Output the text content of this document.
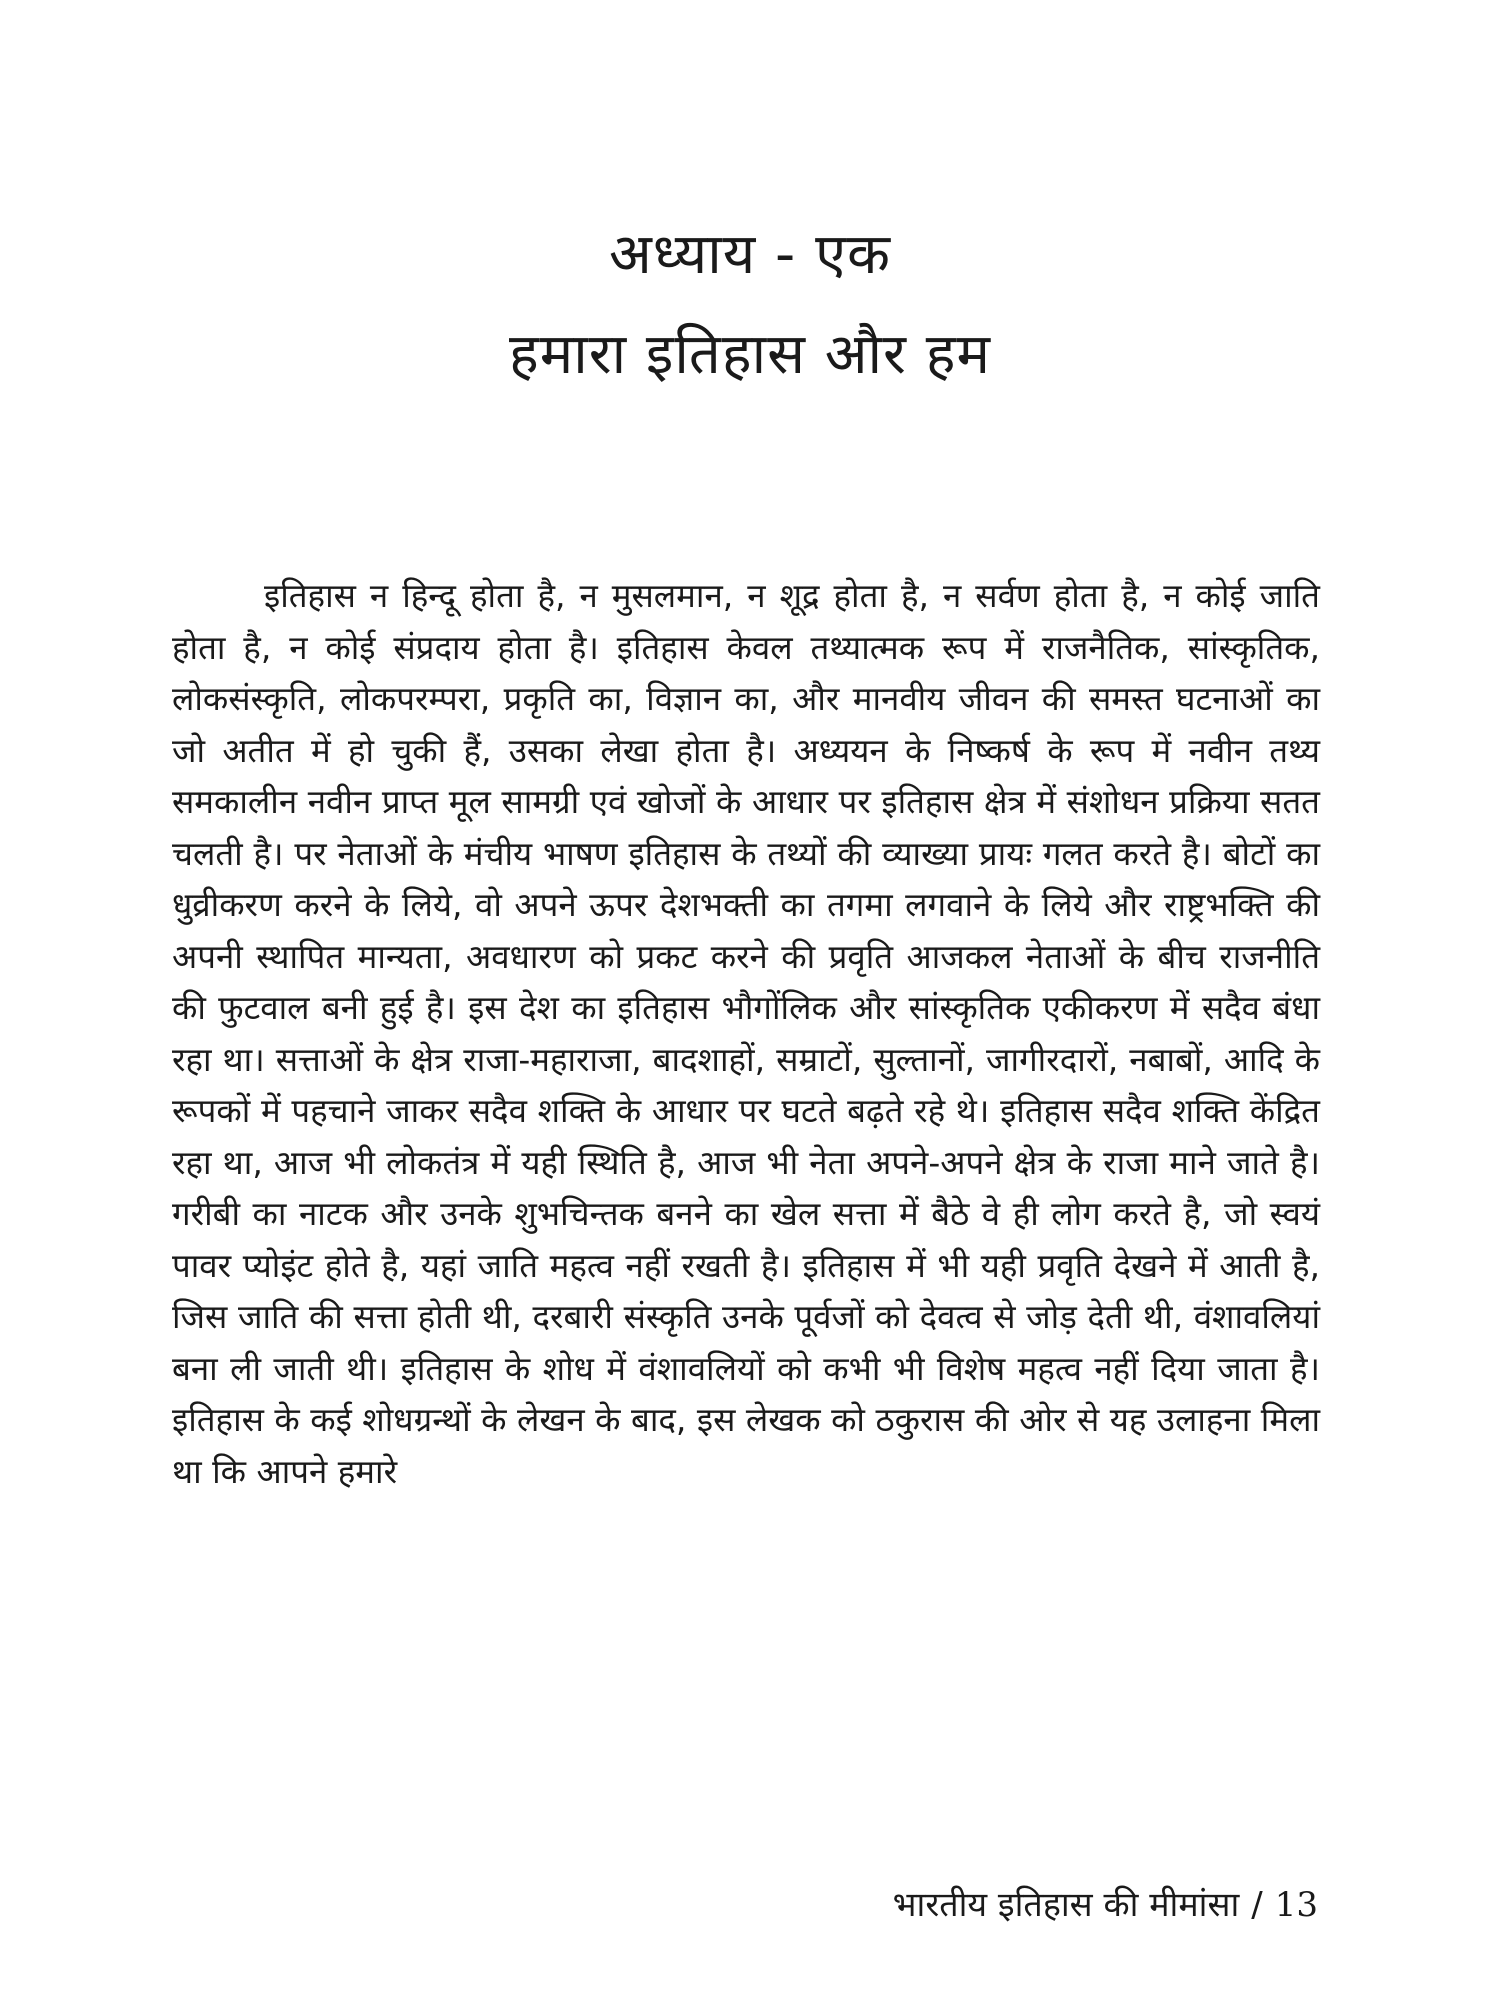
अध्याय - एक
हमारा इतिहास और हम

इतिहास न हिन्दू होता है, न मुसलमान, न शूद्र होता है, न सर्वण होता है, न कोई जाति होता है, न कोई संप्रदाय होता है। इतिहास केवल तथ्यात्मक रूप में राजनैतिक, सांस्कृतिक, लोकसंस्कृति, लोकपरम्परा, प्रकृति का, विज्ञान का, और मानवीय जीवन की समस्त घटनाओं का जो अतीत में हो चुकी हैं, उसका लेखा होता है। अध्ययन के निष्कर्ष के रूप में नवीन तथ्य समकालीन नवीन प्राप्त मूल सामग्री एवं खोजों के आधार पर इतिहास क्षेत्र में संशोधन प्रक्रिया सतत चलती है। पर नेताओं के मंचीय भाषण इतिहास के तथ्यों की व्याख्या प्रायः गलत करते है। बोटों का धुव्रीकरण करने के लिये, वो अपने ऊपर देशभक्ती का तगमा लगवाने के लिये और राष्ट्रभक्ति की अपनी स्थापित मान्यता, अवधारण को प्रकट करने की प्रवृति आजकल नेताओं के बीच राजनीति की फुटवाल बनी हुई है। इस देश का इतिहास भौगोंलिक और सांस्कृतिक एकीकरण में सदैव बंधा रहा था। सत्ताओं के क्षेत्र राजा-महाराजा, बादशाहों, सम्राटों, सुल्तानों, जागीरदारों, नबाबों, आदि के रूपकों में पहचाने जाकर सदैव शक्ति के आधार पर घटते बढ़ते रहे थे। इतिहास सदैव शक्ति केंद्रित रहा था, आज भी लोकतंत्र में यही स्थिति है, आज भी नेता अपने-अपने क्षेत्र के राजा माने जाते है। गरीबी का नाटक और उनके शुभचिन्तक बनने का खेल सत्ता में बैठे वे ही लोग करते है, जो स्वयं पावर प्योइंट होते है, यहां जाति महत्व नहीं रखती है। इतिहास में भी यही प्रवृति देखने में आती है, जिस जाति की सत्ता होती थी, दरबारी संस्कृति उनके पूर्वजों को देवत्व से जोड़ देती थी, वंशावलियां बना ली जाती थी। इतिहास के शोध में वंशावलियों को कभी भी विशेष महत्व नहीं दिया जाता है। इतिहास के कई शोधग्रन्थों के लेखन के बाद, इस लेखक को ठकुरास की ओर से यह उलाहना मिला था कि आपने हमारे

भारतीय इतिहास की मीमांसा / 13
